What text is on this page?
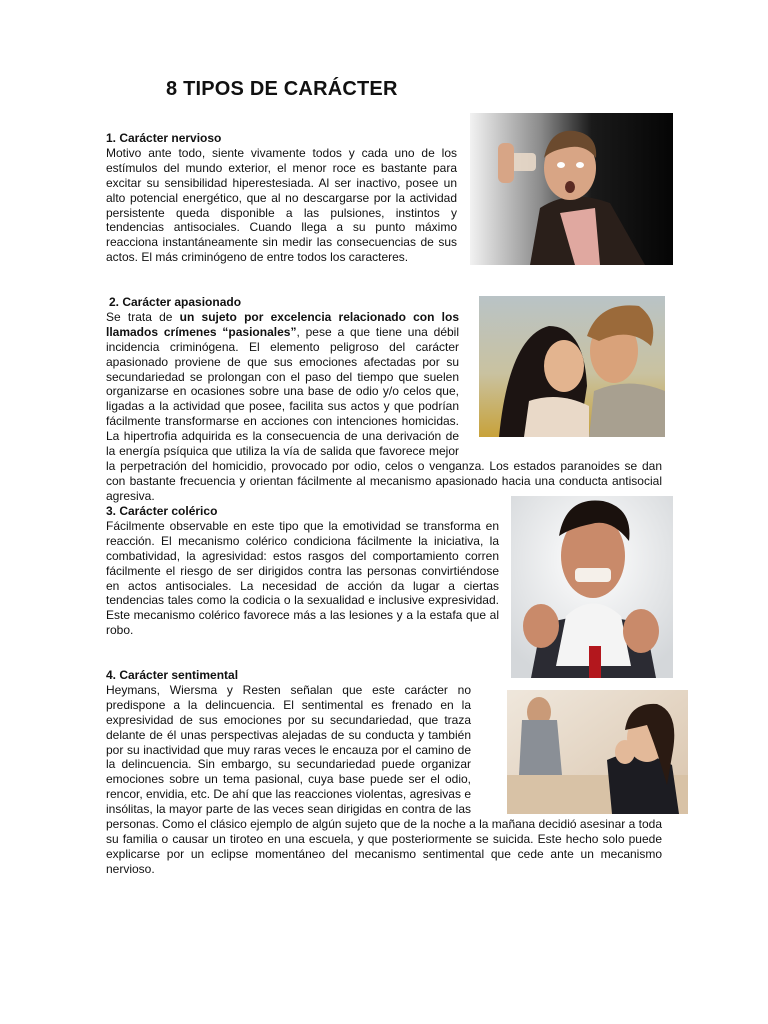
8 TIPOS DE CARÁCTER
1. Carácter nervioso

Motivo ante todo, siente vivamente todos y cada uno de los estímulos del mundo exterior, el menor roce es bastante para excitar su sensibilidad hiperestesiada. Al ser inactivo, posee un alto potencial energético, que al no descargarse por la actividad persistente queda disponible a las pulsiones, instintos y tendencias antisociales. Cuando llega a su punto máximo reacciona instantáneamente sin medir las consecuencias de sus actos. El más criminógeno de entre todos los caracteres.

2. Carácter apasionado

Se trata de un sujeto por excelencia relacionado con los llamados crímenes “pasionales”, pese a que tiene una débil incidencia criminógena. El elemento peligroso del carácter apasionado proviene de que sus emociones afectadas por su secundariedad se prolongan con el paso del tiempo que suelen organizarse en ocasiones sobre una base de odio y/o celos que, ligadas a la actividad que posee, facilita sus actos y que podrían fácilmente transformarse en acciones con intenciones homicidas. La hipertrofia adquirida es la consecuencia de una derivación de la energía psíquica que utiliza la vía de salida que favorece mejor la perpetración del homicidio, provocado por odio, celos o venganza. Los estados paranoides se dan con bastante frecuencia y orientan fácilmente al mecanismo apasionado hacia una conducta antisocial agresiva.

3. Carácter colérico

Fácilmente observable en este tipo que la emotividad se transforma en reacción. El mecanismo colérico condiciona fácilmente la iniciativa, la combatividad, la agresividad: estos rasgos del comportamiento corren fácilmente el riesgo de ser dirigidos contra las personas convirtiéndose en actos antisociales. La necesidad de acción da lugar a ciertas tendencias tales como la codicia o la sexualidad e inclusive expresividad. Este mecanismo colérico favorece más a las lesiones y a la estafa que al robo.

4. Carácter sentimental

Heymans, Wiersma y Resten señalan que este carácter no predispone a la delincuencia. El sentimental es frenado en la expresividad de sus emociones por su secundariedad, que traza delante de él unas perspectivas alejadas de su conducta y también por su inactividad que muy raras veces le encauza por el camino de la delincuencia. Sin embargo, su secundariedad puede organizar emociones sobre un tema pasional, cuya base puede ser el odio, rencor, envidia, etc. De ahí que las reacciones violentas, agresivas e insólitas, la mayor parte de las veces sean dirigidas en contra de las personas. Como el clásico ejemplo de algún sujeto que de la noche a la mañana decidió asesinar a toda su familia o causar un tiroteo en una escuela, y que posteriormente se suicida. Este hecho solo puede explicarse por un eclipse momentáneo del mecanismo sentimental que cede ante un mecanismo nervioso.
